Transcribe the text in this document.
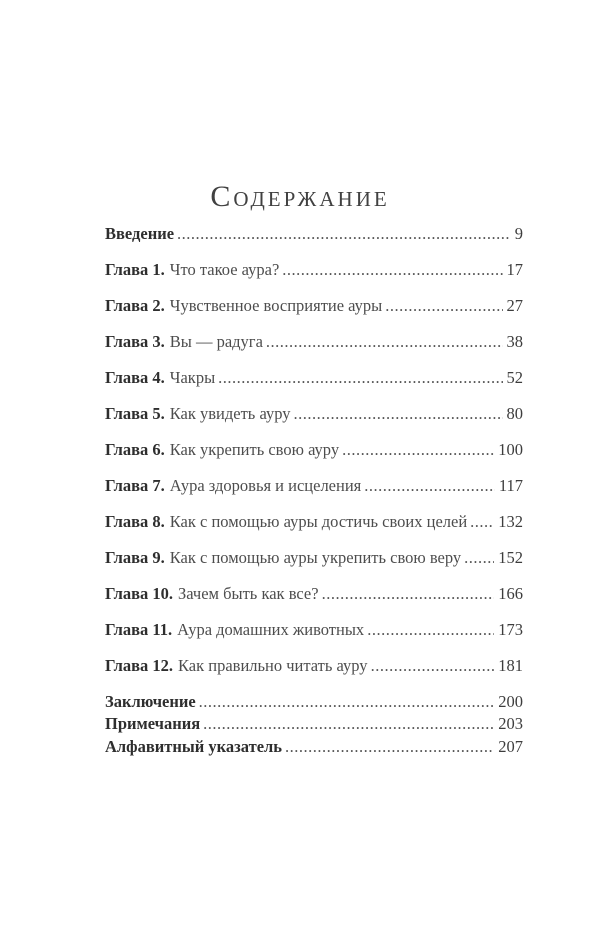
СОДЕРЖАНИЕ
Введение .....	9
Глава 1. Что такое аура? .....	17
Глава 2. Чувственное восприятие ауры .....	27
Глава 3. Вы — радуга .....	38
Глава 4. Чакры .....	52
Глава 5. Как увидеть ауру .....	80
Глава 6. Как укрепить свою ауру .....	100
Глава 7. Аура здоровья и исцеления .....	117
Глава 8. Как с помощью ауры достичь своих целей ..... 132
Глава 9. Как с помощью ауры укрепить свою веру ..... 152
Глава 10. Зачем быть как все? .....	166
Глава 11. Аура домашних животных .....	173
Глава 12. Как правильно читать ауру .....	181
Заключение .....	200
Примечания .....	203
Алфавитный указатель .....	207
